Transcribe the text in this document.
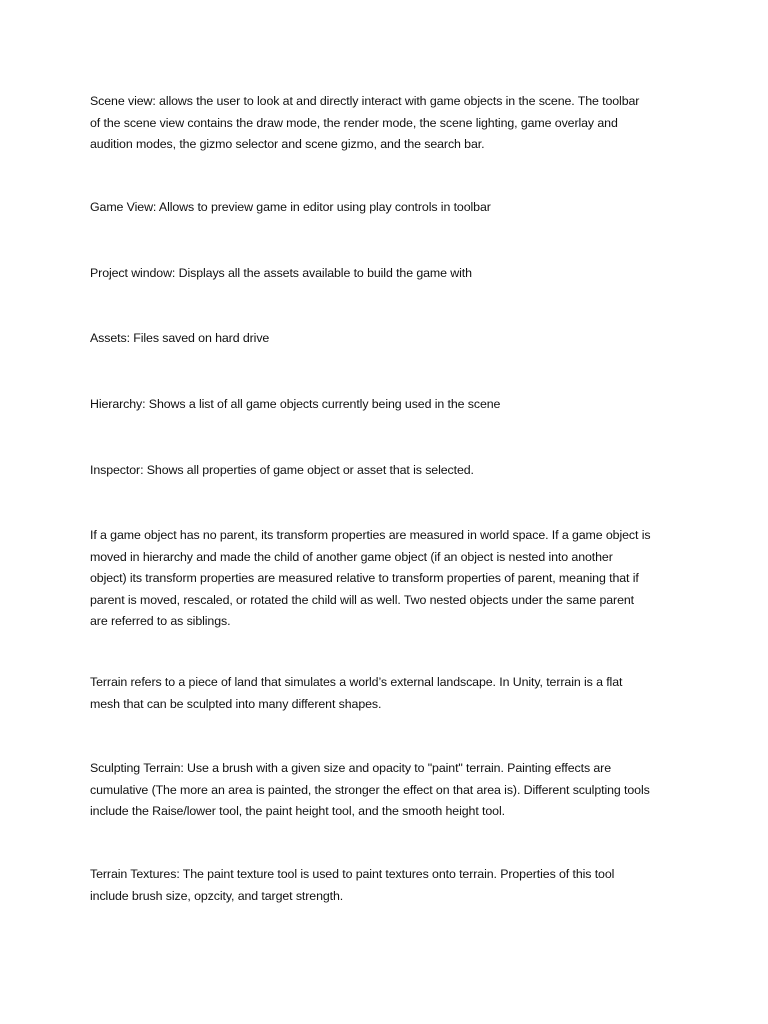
Scene view: allows the user to look at and directly interact with game objects in the scene. The toolbar
of the scene view contains the draw mode, the render mode, the scene lighting, game overlay and
audition modes, the gizmo selector and scene gizmo, and the search bar.

Game View: Allows to preview game in editor using play controls in toolbar

Project window: Displays all the assets available to build the game with

Assets: Files saved on hard drive

Hierarchy: Shows a list of all game objects currently being used in the scene

Inspector: Shows all properties of game object or asset that is selected.

If a game object has no parent, its transform properties are measured in world space. If a game object is
moved in hierarchy and made the child of another game object (if an object is nested into another
object) its transform properties are measured relative to transform properties of parent, meaning that if
parent is moved, rescaled, or rotated the child will as well. Two nested objects under the same parent
are referred to as siblings.

Terrain refers to a piece of land that simulates a world’s external landscape. In Unity, terrain is a flat
mesh that can be sculpted into many different shapes.

Sculpting Terrain: Use a brush with a given size and opacity to "paint" terrain. Painting effects are
cumulative (The more an area is painted, the stronger the effect on that area is). Different sculpting tools
include the Raise/lower tool, the paint height tool, and the smooth height tool.

Terrain Textures: The paint texture tool is used to paint textures onto terrain. Properties of this tool
include brush size, opzcity, and target strength.
